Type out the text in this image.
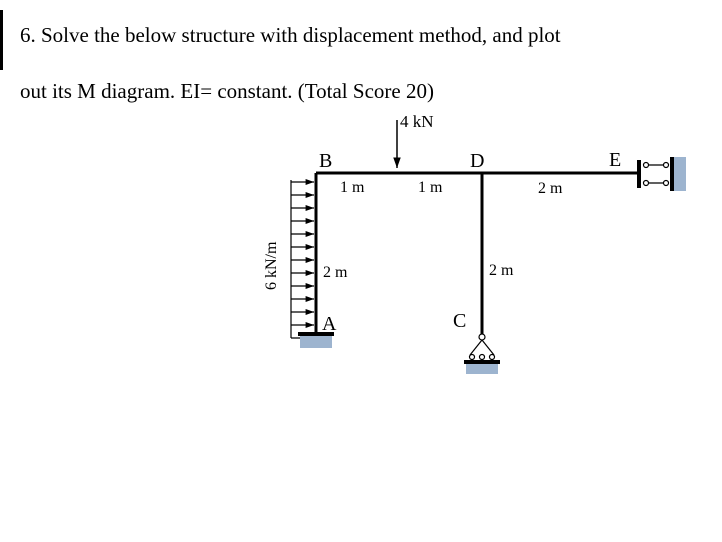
6. Solve the below structure with displacement method, and plot
out its M diagram. EI= constant. (Total Score 20)
6 kN/m
4 kN
B	D	E
A	C
1 m	1 m	2 m
2 m	2 m
